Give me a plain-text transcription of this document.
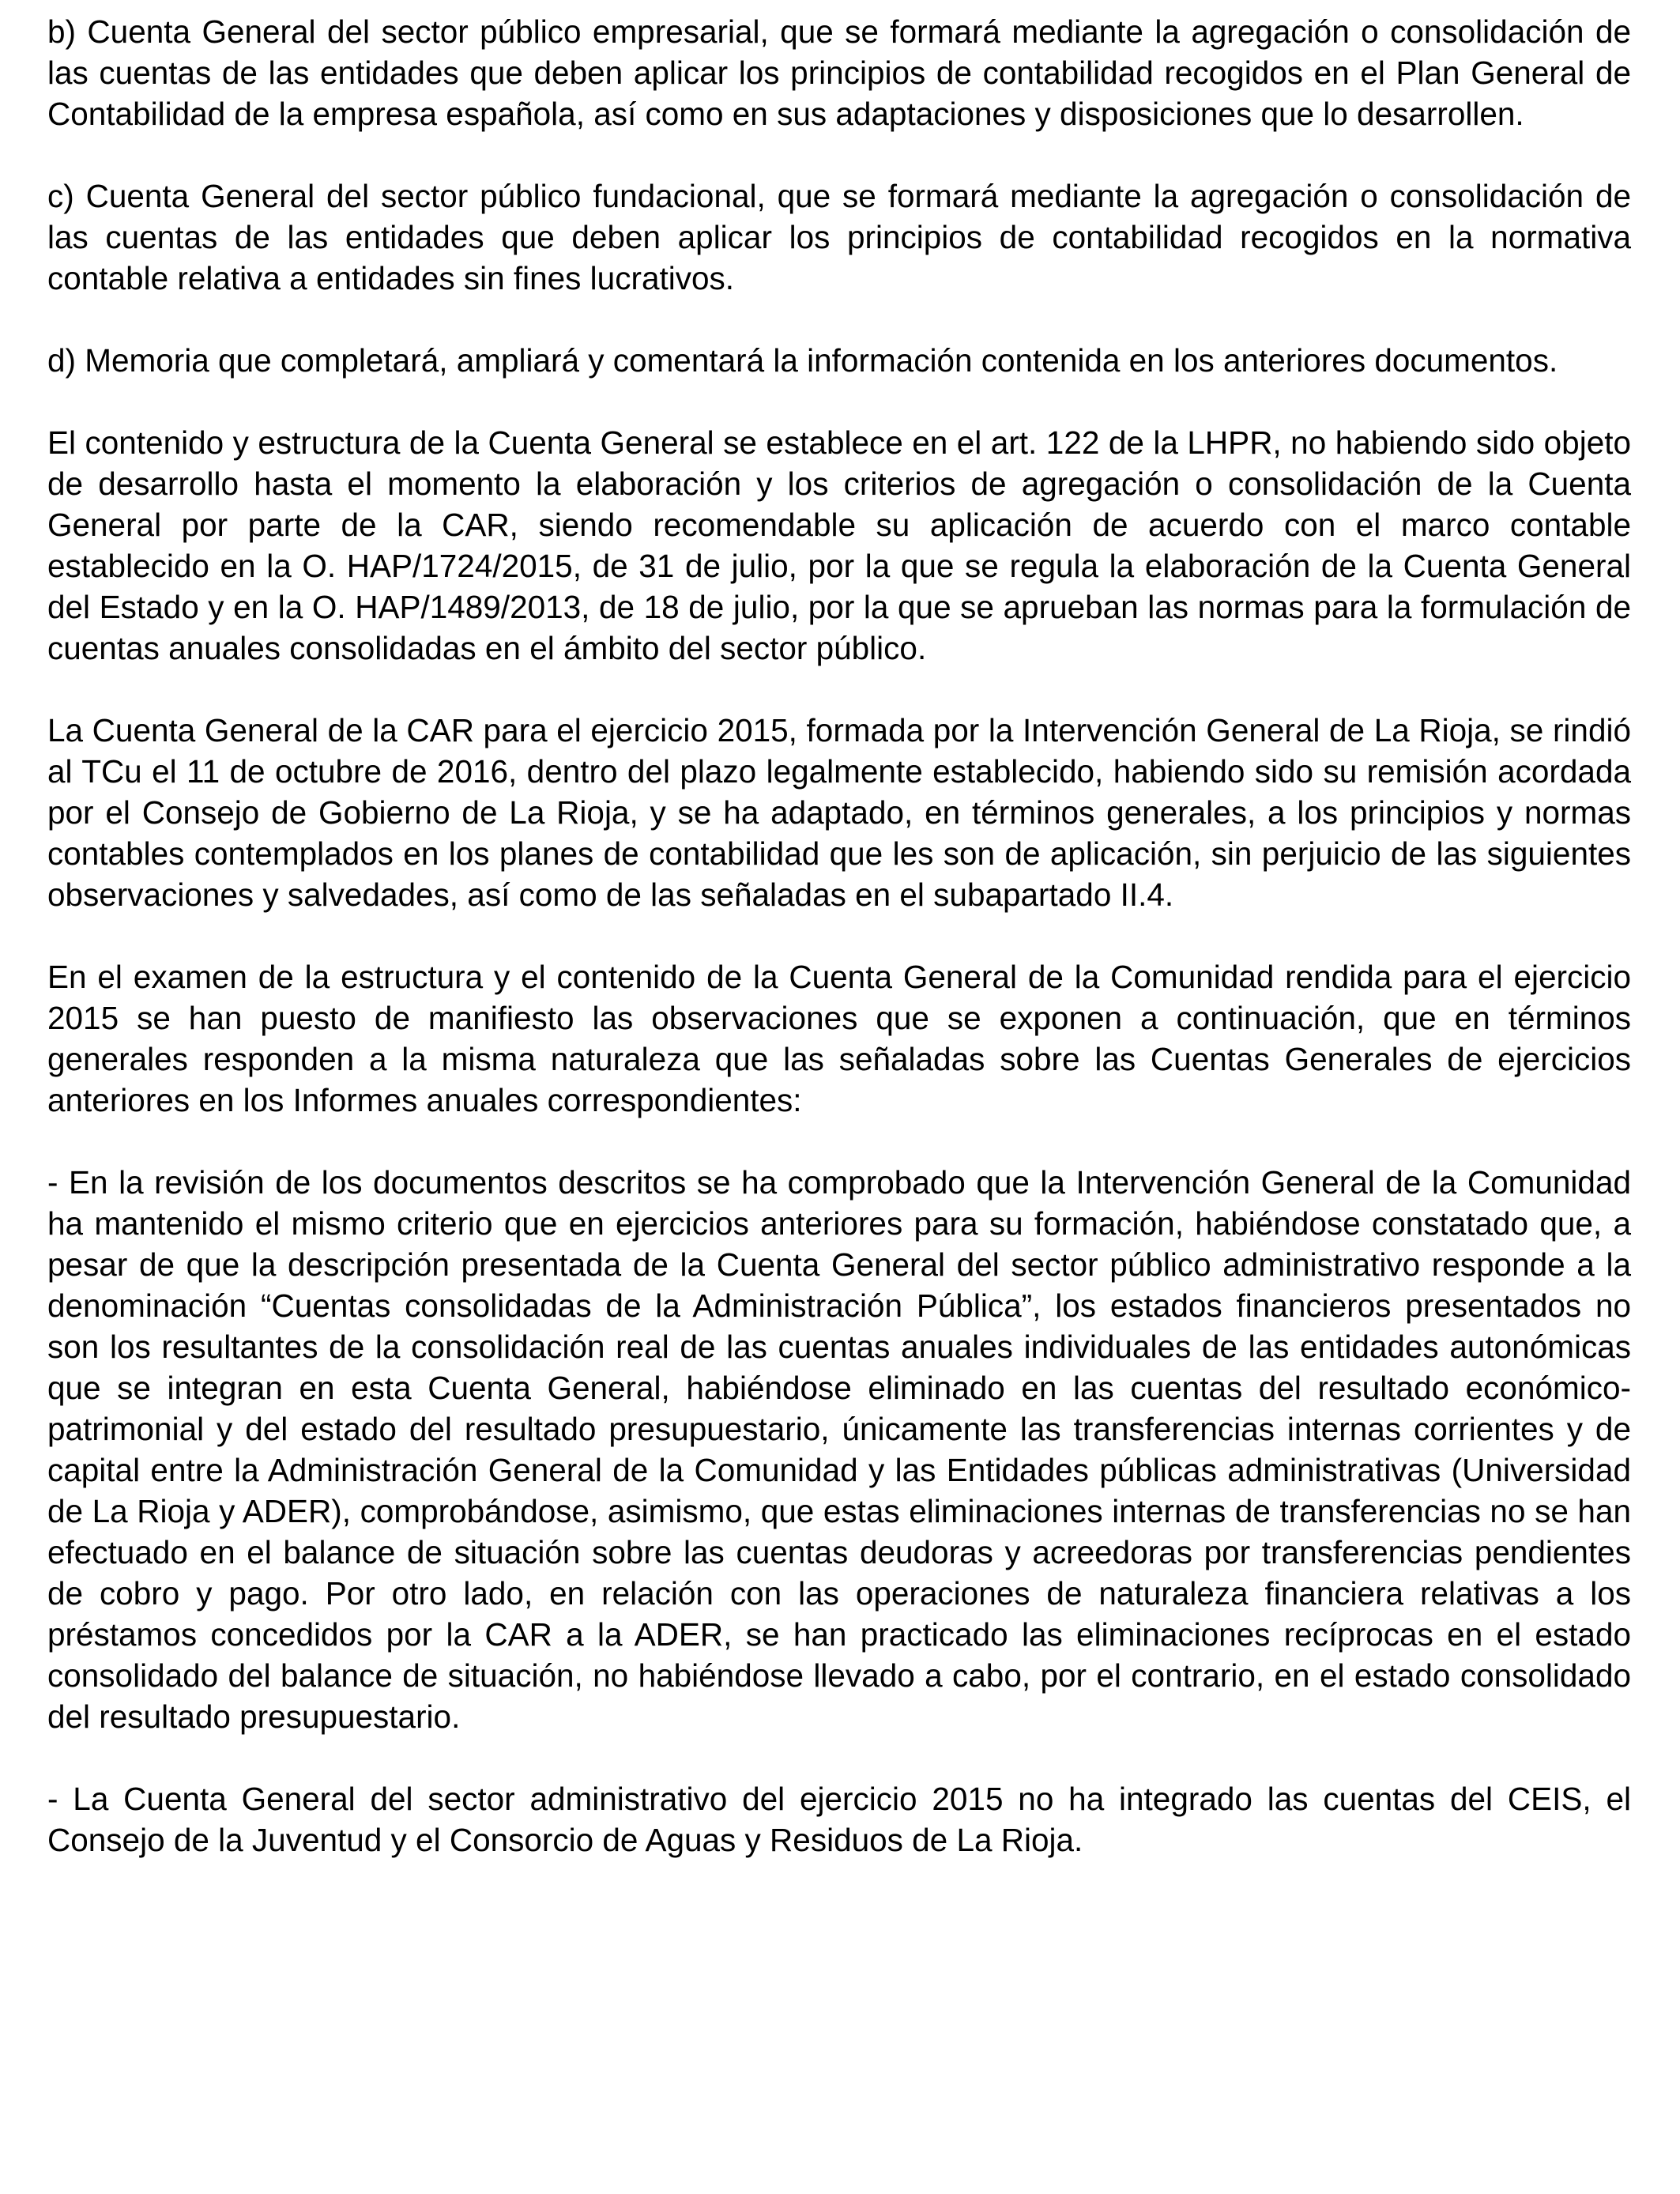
b) Cuenta General del sector público empresarial, que se formará mediante la agregación o consolidación de las cuentas de las entidades que deben aplicar los principios de contabilidad recogidos en el Plan General de Contabilidad de la empresa española, así como en sus adaptaciones y disposiciones que lo desarrollen.

c) Cuenta General del sector público fundacional, que se formará mediante la agregación o consolidación de las cuentas de las entidades que deben aplicar los principios de contabilidad recogidos en la normativa contable relativa a entidades sin fines lucrativos.

d) Memoria que completará, ampliará y comentará la información contenida en los anteriores documentos.

El contenido y estructura de la Cuenta General se establece en el art. 122 de la LHPR, no habiendo sido objeto de desarrollo hasta el momento la elaboración y los criterios de agregación o consolidación de la Cuenta General por parte de la CAR, siendo recomendable su aplicación de acuerdo con el marco contable establecido en la O. HAP/1724/2015, de 31 de julio, por la que se regula la elaboración de la Cuenta General del Estado y en la O. HAP/1489/2013, de 18 de julio, por la que se aprueban las normas para la formulación de cuentas anuales consolidadas en el ámbito del sector público.

La Cuenta General de la CAR para el ejercicio 2015, formada por la Intervención General de La Rioja, se rindió al TCu el 11 de octubre de 2016, dentro del plazo legalmente establecido, habiendo sido su remisión acordada por el Consejo de Gobierno de La Rioja, y se ha adaptado, en términos generales, a los principios y normas contables contemplados en los planes de contabilidad que les son de aplicación, sin perjuicio de las siguientes observaciones y salvedades, así como de las señaladas en el subapartado II.4.

En el examen de la estructura y el contenido de la Cuenta General de la Comunidad rendida para el ejercicio 2015 se han puesto de manifiesto las observaciones que se exponen a continuación, que en términos generales responden a la misma naturaleza que las señaladas sobre las Cuentas Generales de ejercicios anteriores en los Informes anuales correspondientes:

- En la revisión de los documentos descritos se ha comprobado que la Intervención General de la Comunidad ha mantenido el mismo criterio que en ejercicios anteriores para su formación, habiéndose constatado que, a pesar de que la descripción presentada de la Cuenta General del sector público administrativo responde a la denominación “Cuentas consolidadas de la Administración Pública”, los estados financieros presentados no son los resultantes de la consolidación real de las cuentas anuales individuales de las entidades autonómicas que se integran en esta Cuenta General, habiéndose eliminado en las cuentas del resultado económico-patrimonial y del estado del resultado presupuestario, únicamente las transferencias internas corrientes y de capital entre la Administración General de la Comunidad y las Entidades públicas administrativas (Universidad de La Rioja y ADER), comprobándose, asimismo, que estas eliminaciones internas de transferencias no se han efectuado en el balance de situación sobre las cuentas deudoras y acreedoras por transferencias pendientes de cobro y pago. Por otro lado, en relación con las operaciones de naturaleza financiera relativas a los préstamos concedidos por la CAR a la ADER, se han practicado las eliminaciones recíprocas en el estado consolidado del balance de situación, no habiéndose llevado a cabo, por el contrario, en el estado consolidado del resultado presupuestario.

- La Cuenta General del sector administrativo del ejercicio 2015 no ha integrado las cuentas del CEIS, el Consejo de la Juventud y el Consorcio de Aguas y Residuos de La Rioja.
